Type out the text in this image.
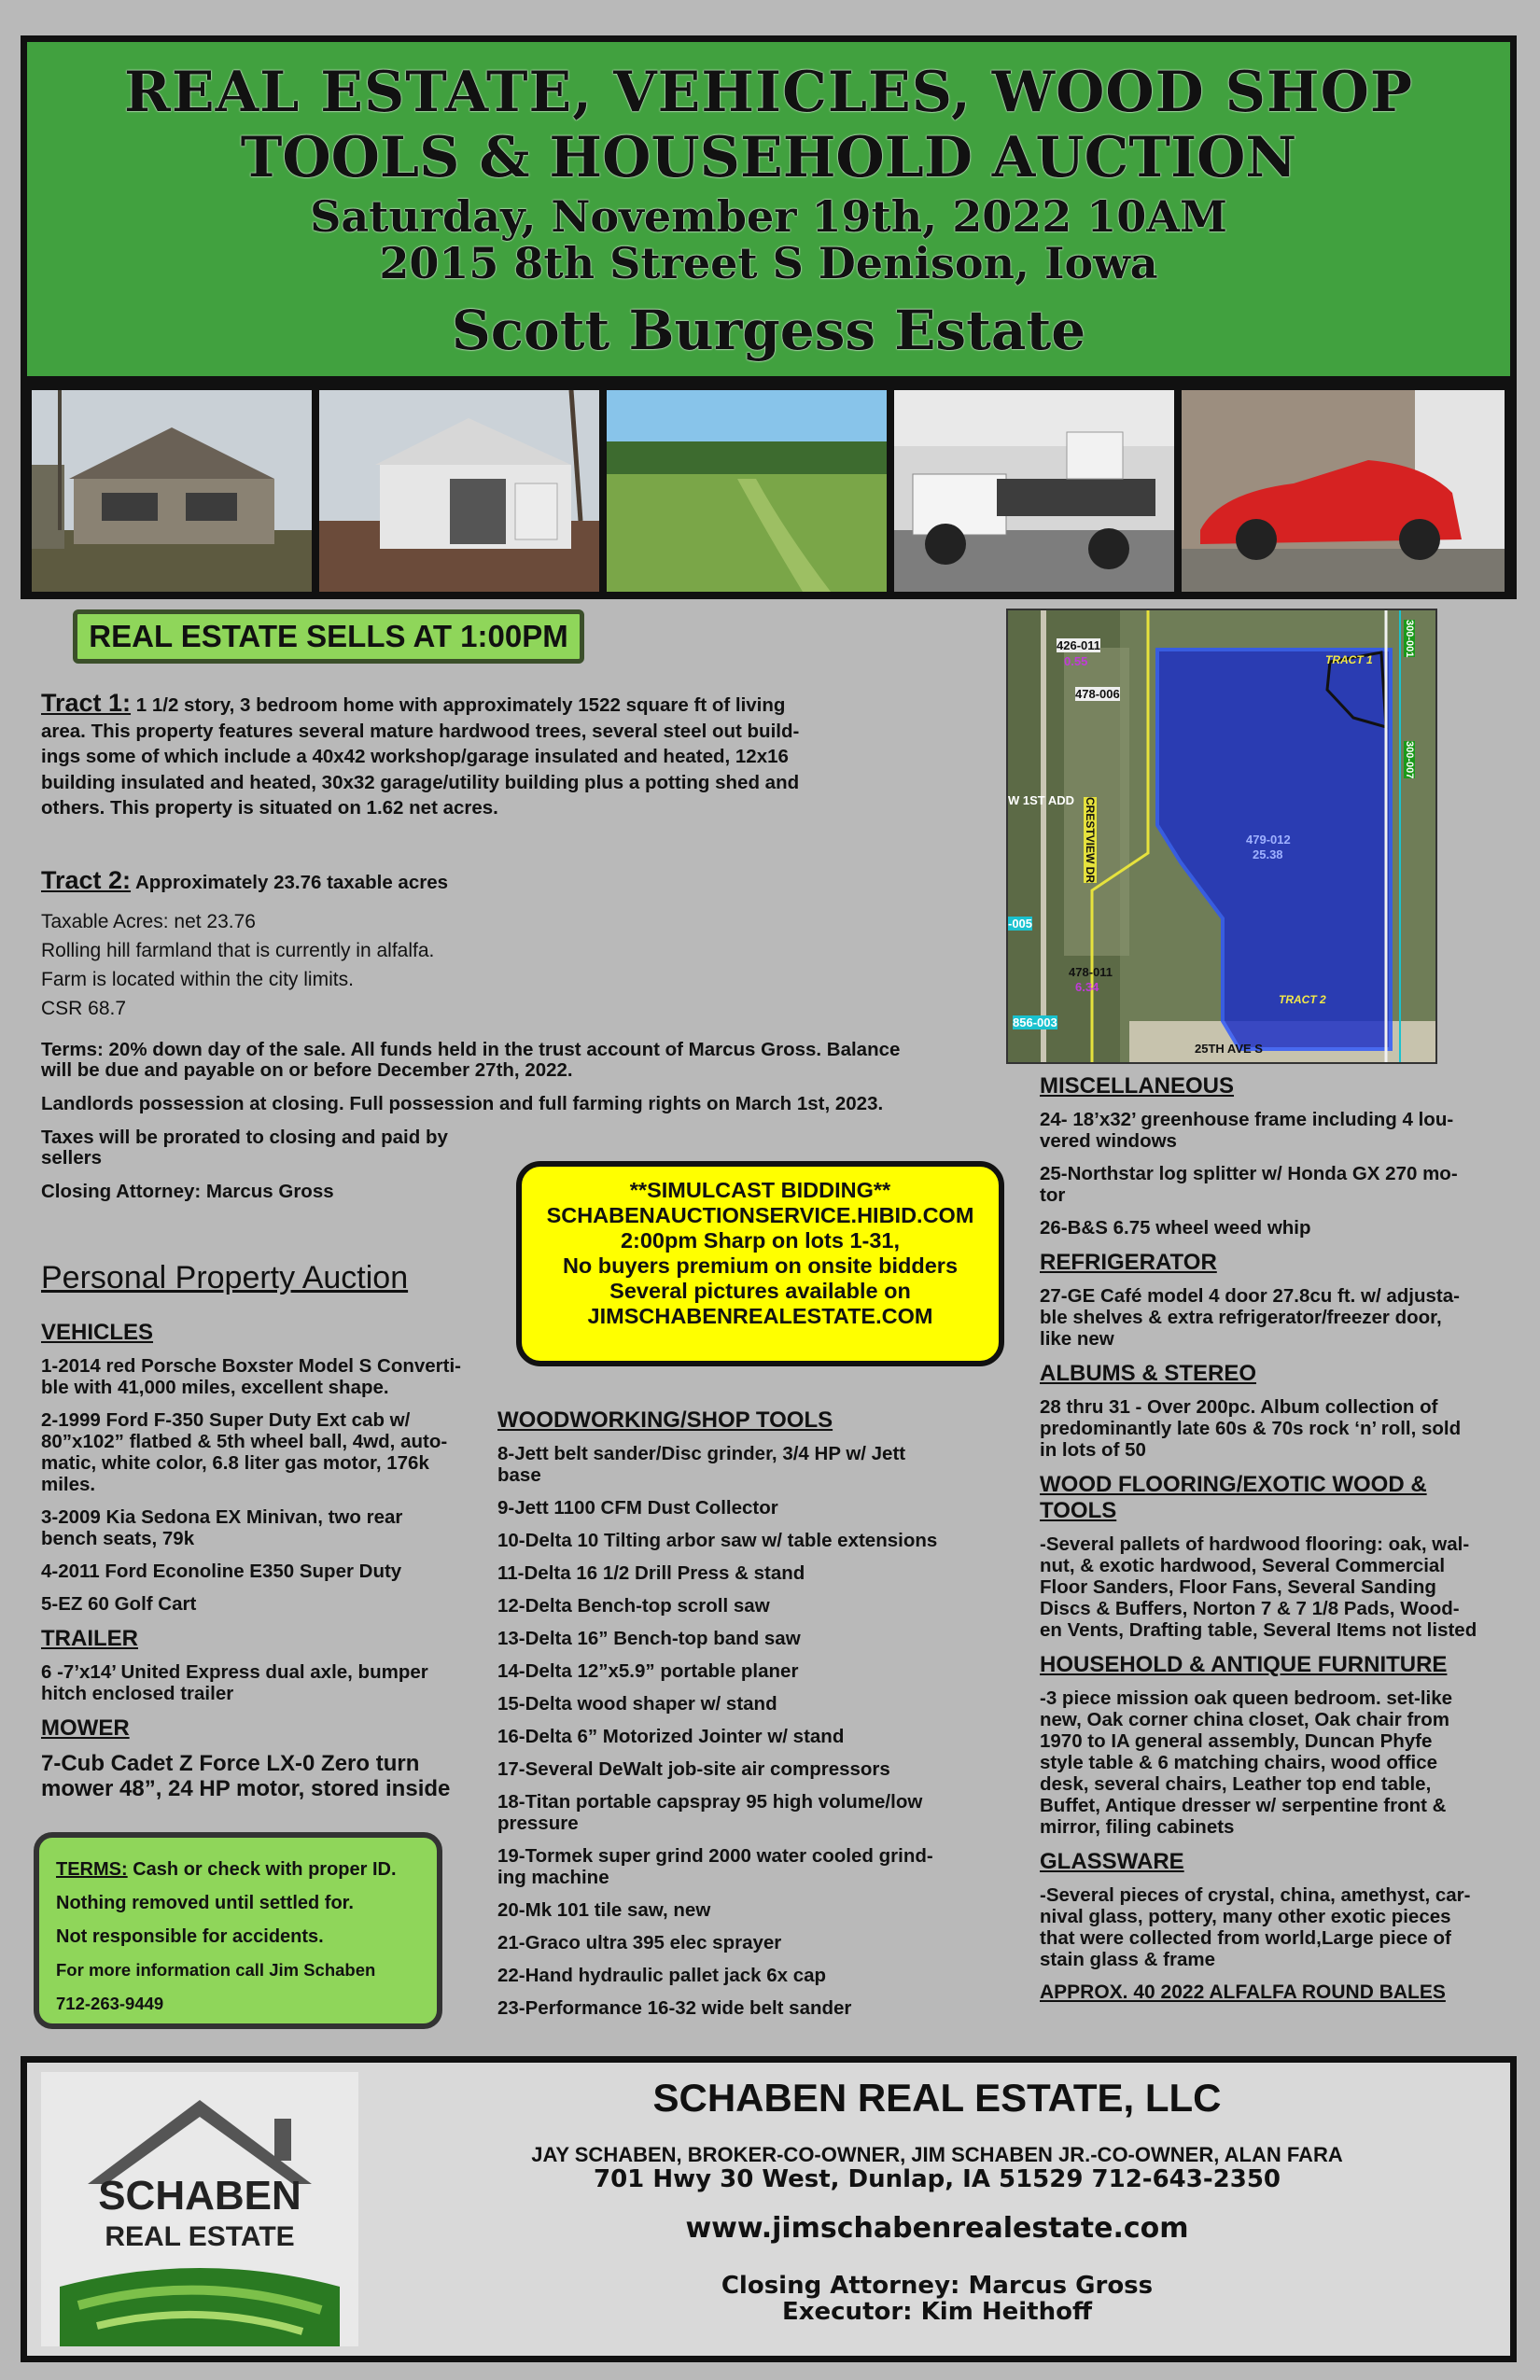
REAL ESTATE, VEHICLES, WOOD SHOP

TOOLS & HOUSEHOLD AUCTION

Saturday, November 19th, 2022 10AM

2015 8th Street S Denison, Iowa

Scott Burgess Estate

REAL ESTATE SELLS AT 1:00PM
Tract 1: 1 1/2 story, 3 bedroom home with approximately 1522 square ft of living
area. This property features several mature hardwood trees, several steel out build-
ings some of which include a 40x42 workshop/garage insulated and heated, 12x16
building insulated and heated, 30x32 garage/utility building plus a potting shed and
others. This property is situated on 1.62 net acres.
Tract 2: Approximately 23.76 taxable acres
Taxable Acres: net 23.76
Rolling hill farmland that is currently in alfalfa.
Farm is located within the city limits.
CSR 68.7
Terms: 20% down day of the sale. All funds held in the trust account of Marcus Gross. Balance
will be due and payable on or before December 27th, 2022.
Landlords possession at closing. Full possession and full farming rights on March 1st, 2023.
Taxes will be prorated to closing and paid by
sellers
Closing Attorney: Marcus Gross
426-011
0.55
478-006
W 1ST ADD CRESTVIEW DR	479-012
25.38
478-011
6.34
-005
856-003
25TH AVE S
300-001
300-007
TRACT 1
TRACT 2
**SIMULCAST BIDDING**
SCHABENAUCTIONSERVICE.HIBID.COM
2:00pm Sharp on lots 1-31,
No buyers premium on onsite bidders
Several pictures available on
JIMSCHABENREALESTATE.COM
Personal Property Auction
VEHICLES
1-2014 red Porsche Boxster Model S Converti-
ble with 41,000 miles, excellent shape.
2-1999 Ford F-350 Super Duty Ext cab w/
80”x102” flatbed & 5th wheel ball, 4wd, auto-
matic, white color, 6.8 liter gas motor, 176k
miles.
3-2009 Kia Sedona EX Minivan, two rear
bench seats, 79k
4-2011 Ford Econoline E350 Super Duty
5-EZ 60 Golf Cart
TRAILER
6 -7’x14’ United Express dual axle, bumper
hitch enclosed trailer
MOWER
7-Cub Cadet Z Force LX-0 Zero turn
mower 48”, 24 HP motor, stored inside
TERMS: Cash or check with proper ID.
Nothing removed until settled for.
Not responsible for accidents.
For more information call Jim Schaben
712-263-9449
WOODWORKING/SHOP TOOLS
8-Jett belt sander/Disc grinder, 3/4 HP w/ Jett
base
9-Jett 1100 CFM Dust Collector
10-Delta 10 Tilting arbor saw w/ table extensions
11-Delta 16 1/2 Drill Press & stand
12-Delta Bench-top scroll saw
13-Delta 16” Bench-top band saw
14-Delta 12”x5.9” portable planer
15-Delta wood shaper w/ stand
16-Delta 6” Motorized Jointer w/ stand
17-Several DeWalt job-site air compressors
18-Titan portable capspray 95 high volume/low
pressure
19-Tormek super grind 2000 water cooled grind-
ing machine
20-Mk 101 tile saw, new
21-Graco ultra 395 elec sprayer
22-Hand hydraulic pallet jack 6x cap
23-Performance 16-32 wide belt sander
MISCELLANEOUS
24- 18’x32’ greenhouse frame including 4 lou-
vered windows
25-Northstar log splitter w/ Honda GX 270 mo-
tor
26-B&S 6.75 wheel weed whip
REFRIGERATOR
27-GE Café model 4 door 27.8cu ft. w/ adjusta-
ble shelves & extra refrigerator/freezer door,
like new
ALBUMS & STEREO
28 thru 31 - Over 200pc. Album collection of
predominantly late 60s & 70s rock ‘n’ roll, sold
in lots of 50
WOOD FLOORING/EXOTIC WOOD &
TOOLS
-Several pallets of hardwood flooring: oak, wal-
nut, & exotic hardwood, Several Commercial
Floor Sanders, Floor Fans, Several Sanding
Discs & Buffers, Norton 7 & 7 1/8 Pads, Wood-
en Vents, Drafting table, Several Items not listed
HOUSEHOLD & ANTIQUE FURNITURE
-3 piece mission oak queen bedroom. set-like
new, Oak corner china closet, Oak chair from
1970 to IA general assembly, Duncan Phyfe
style table & 6 matching chairs, wood office
desk, several chairs, Leather top end table,
Buffet, Antique dresser w/ serpentine front &
mirror, filing cabinets
GLASSWARE
-Several pieces of crystal, china, amethyst, car-
nival glass, pottery, many other exotic pieces
that were collected from world,Large piece of
stain glass & frame
APPROX. 40 2022 ALFALFA ROUND BALES
SCHABEN
REAL ESTATE
SCHABEN REAL ESTATE, LLC
JAY SCHABEN, BROKER-CO-OWNER, JIM SCHABEN JR.-CO-OWNER, ALAN FARA
701 Hwy 30 West, Dunlap, IA 51529 712-643-2350
www.jimschabenrealestate.com
Closing Attorney: Marcus Gross
Executor: Kim Heithoff
